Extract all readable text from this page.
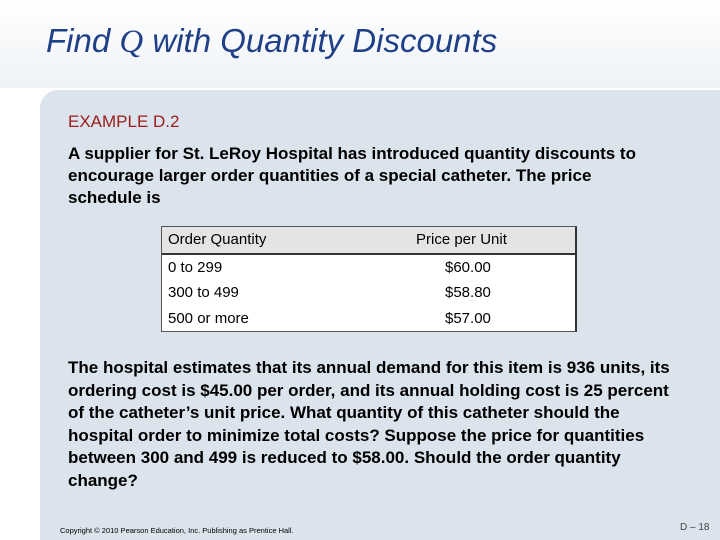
Find Q with Quantity Discounts
EXAMPLE D.2
A supplier for St. LeRoy Hospital has introduced quantity discounts to encourage larger order quantities of a special catheter. The price schedule is
Order Quantity	Price per Unit
0 to 299	$60.00
300 to 499	$58.80
500 or more	$57.00
The hospital estimates that its annual demand for this item is 936 units, its ordering cost is $45.00 per order, and its annual holding cost is 25 percent of the catheter’s unit price. What quantity of this catheter should the hospital order to minimize total costs? Suppose the price for quantities between 300 and 499 is reduced to $58.00. Should the order quantity change?
Copyright © 2010 Pearson Education, Inc. Publishing as Prentice Hall.	D – 18
